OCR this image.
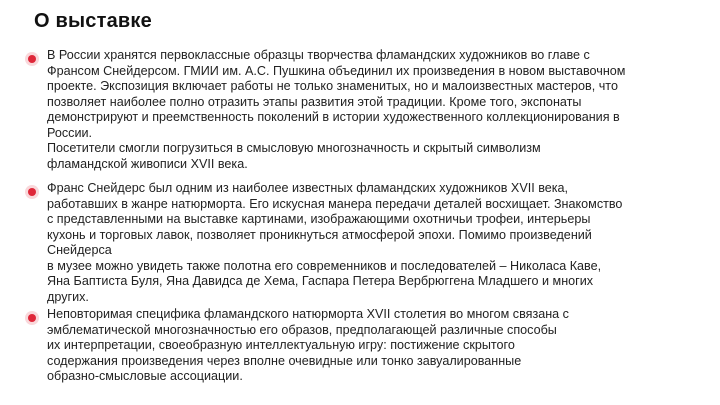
О выставке
В России хранятся первоклассные образцы творчества фламандских художников во главе с
Франсом Снейдерсом. ГМИИ им. А.С. Пушкина объединил их произведения в новом выставочном
проекте. Экспозиция включает работы не только знаменитых, но и малоизвестных мастеров, что
позволяет наиболее полно отразить этапы развития этой традиции. Кроме того, экспонаты
демонстрируют и преемственность поколений в истории художественного коллекционирования в
России.
Посетители смогли погрузиться в смысловую многозначность и скрытый символизм
фламандской живописи XVII века.
Франс Снейдерс был одним из наиболее известных фламандских художников XVII века,
работавших в жанре натюрморта. Его искусная манера передачи деталей восхищает. Знакомство
с представленными на выставке картинами, изображающими охотничьи трофеи, интерьеры
кухонь и торговых лавок, позволяет проникнуться атмосферой эпохи. Помимо произведений
Снейдерса
в музее можно увидеть также полотна его современников и последователей – Николаса Каве,
Яна Баптиста Буля, Яна Давидса де Хема, Гаспара Петера Вербрюггена Младшего и многих
других.
Неповторимая специфика фламандского натюрморта XVII столетия во многом связана с
эмблематической многозначностью его образов, предполагающей различные способы
их интерпретации, своеобразную интеллектуальную игру: постижение скрытого
содержания произведения через вполне очевидные или тонко завуалированные
образно-смысловые ассоциации.
